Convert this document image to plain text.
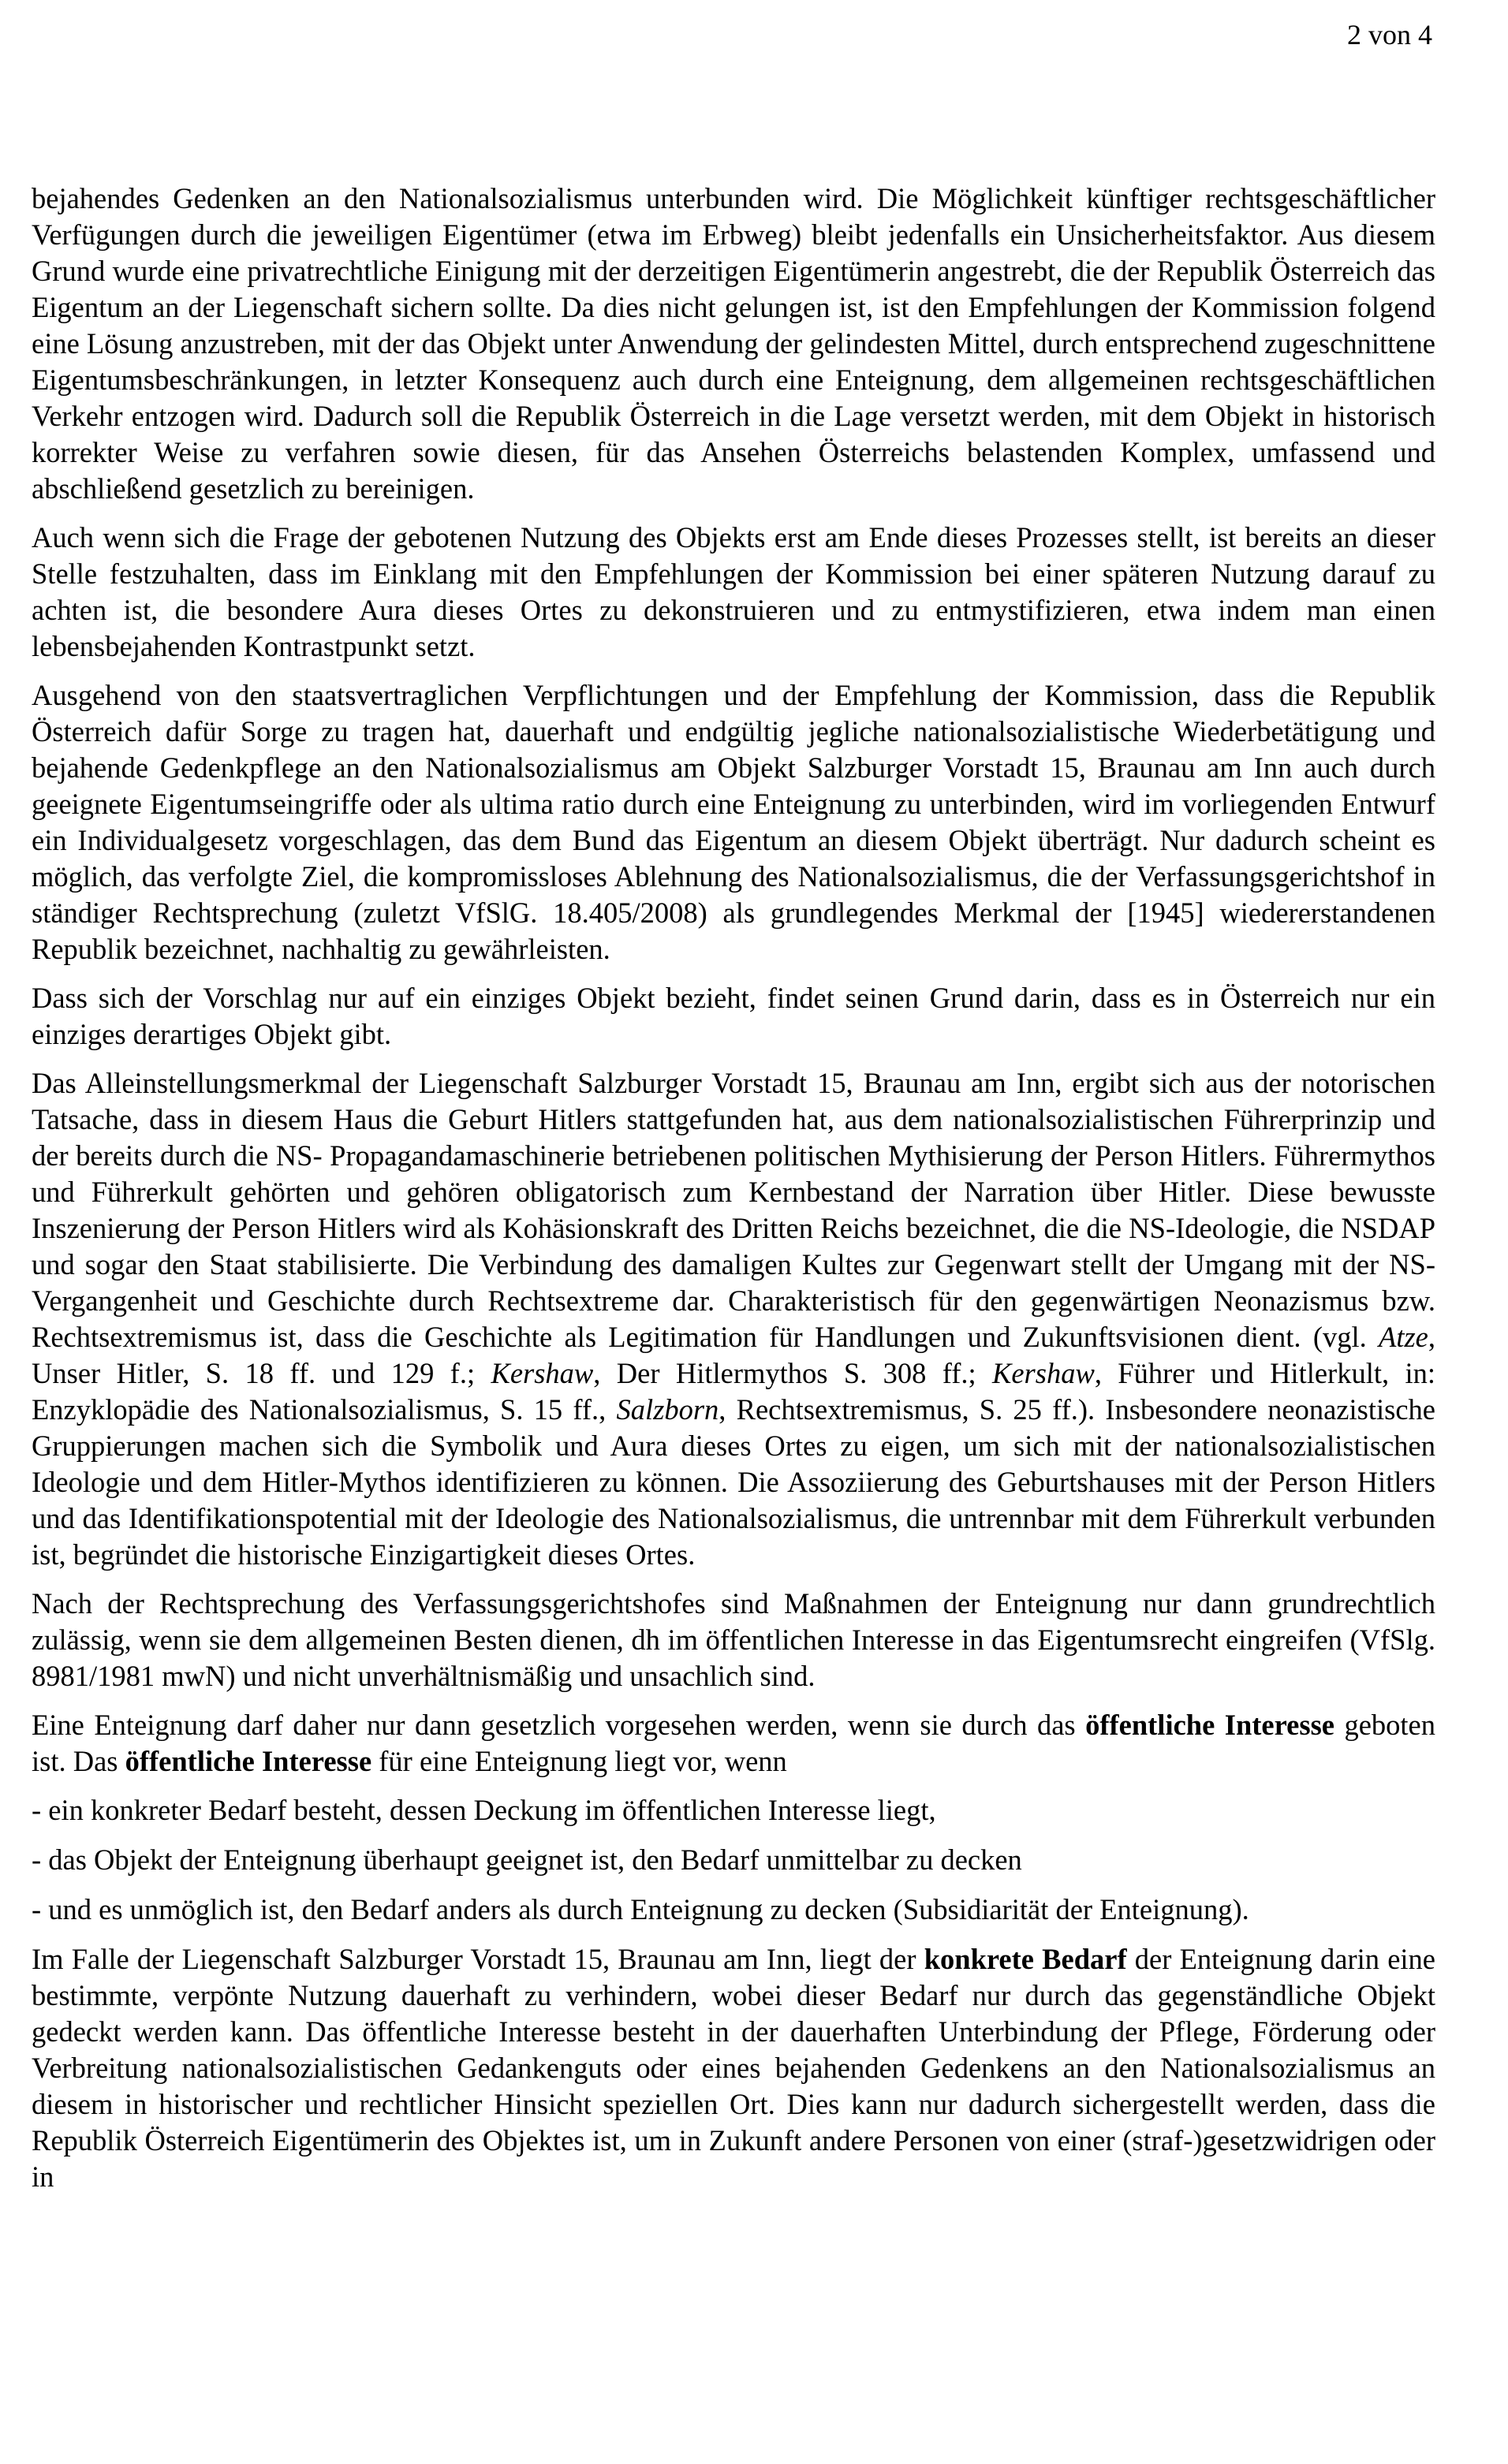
2 von 4

bejahendes Gedenken an den Nationalsozialismus unterbunden wird. Die Möglichkeit künftiger rechtsgeschäftlicher Verfügungen durch die jeweiligen Eigentümer (etwa im Erbweg) bleibt jedenfalls ein Unsicherheitsfaktor. Aus diesem Grund wurde eine privatrechtliche Einigung mit der derzeitigen Eigentümerin angestrebt, die der Republik Österreich das Eigentum an der Liegenschaft sichern sollte. Da dies nicht gelungen ist, ist den Empfehlungen der Kommission folgend eine Lösung anzustreben, mit der das Objekt unter Anwendung der gelindesten Mittel, durch entsprechend zugeschnittene Eigentumsbeschränkungen, in letzter Konsequenz auch durch eine Enteignung, dem allgemeinen rechtsgeschäftlichen Verkehr entzogen wird. Dadurch soll die Republik Österreich in die Lage versetzt werden, mit dem Objekt in historisch korrekter Weise zu verfahren sowie diesen, für das Ansehen Österreichs belastenden Komplex, umfassend und abschließend gesetzlich zu bereinigen.

Auch wenn sich die Frage der gebotenen Nutzung des Objekts erst am Ende dieses Prozesses stellt, ist bereits an dieser Stelle festzuhalten, dass im Einklang mit den Empfehlungen der Kommission bei einer späteren Nutzung darauf zu achten ist, die besondere Aura dieses Ortes zu dekonstruieren und zu entmystifizieren, etwa indem man einen lebensbejahenden Kontrastpunkt setzt.

Ausgehend von den staatsvertraglichen Verpflichtungen und der Empfehlung der Kommission, dass die Republik Österreich dafür Sorge zu tragen hat, dauerhaft und endgültig jegliche nationalsozialistische Wiederbetätigung und bejahende Gedenkpflege an den Nationalsozialismus am Objekt Salzburger Vorstadt 15, Braunau am Inn auch durch geeignete Eigentumseingriffe oder als ultima ratio durch eine Enteignung zu unterbinden, wird im vorliegenden Entwurf ein Individualgesetz vorgeschlagen, das dem Bund das Eigentum an diesem Objekt überträgt. Nur dadurch scheint es möglich, das verfolgte Ziel, die kompromissloses Ablehnung des Nationalsozialismus, die der Verfassungsgerichtshof in ständiger Rechtsprechung (zuletzt VfSlG. 18.405/2008) als grundlegendes Merkmal der [1945] wiedererstandenen Republik bezeichnet, nachhaltig zu gewährleisten.

Dass sich der Vorschlag nur auf ein einziges Objekt bezieht, findet seinen Grund darin, dass es in Österreich nur ein einziges derartiges Objekt gibt.

Das Alleinstellungsmerkmal der Liegenschaft Salzburger Vorstadt 15, Braunau am Inn, ergibt sich aus der notorischen Tatsache, dass in diesem Haus die Geburt Hitlers stattgefunden hat, aus dem nationalsozialistischen Führerprinzip und der bereits durch die NS- Propagandamaschinerie betriebenen politischen Mythisierung der Person Hitlers. Führermythos und Führerkult gehörten und gehören obligatorisch zum Kernbestand der Narration über Hitler. Diese bewusste Inszenierung der Person Hitlers wird als Kohäsionskraft des Dritten Reichs bezeichnet, die die NS-Ideologie, die NSDAP und sogar den Staat stabilisierte. Die Verbindung des damaligen Kultes zur Gegenwart stellt der Umgang mit der NS-Vergangenheit und Geschichte durch Rechtsextreme dar. Charakteristisch für den gegenwärtigen Neonazismus bzw. Rechtsextremismus ist, dass die Geschichte als Legitimation für Handlungen und Zukunftsvisionen dient. (vgl. Atze, Unser Hitler, S. 18 ff. und 129 f.; Kershaw, Der Hitlermythos S. 308 ff.; Kershaw, Führer und Hitlerkult, in: Enzyklopädie des Nationalsozialismus, S. 15 ff., Salzborn, Rechtsextremismus, S. 25 ff.). Insbesondere neonazistische Gruppierungen machen sich die Symbolik und Aura dieses Ortes zu eigen, um sich mit der nationalsozialistischen Ideologie und dem Hitler-Mythos identifizieren zu können. Die Assoziierung des Geburtshauses mit der Person Hitlers und das Identifikationspotential mit der Ideologie des Nationalsozialismus, die untrennbar mit dem Führerkult verbunden ist, begründet die historische Einzigartigkeit dieses Ortes.

Nach der Rechtsprechung des Verfassungsgerichtshofes sind Maßnahmen der Enteignung nur dann grundrechtlich zulässig, wenn sie dem allgemeinen Besten dienen, dh im öffentlichen Interesse in das Eigentumsrecht eingreifen (VfSlg. 8981/1981 mwN) und nicht unverhältnismäßig und unsachlich sind.

Eine Enteignung darf daher nur dann gesetzlich vorgesehen werden, wenn sie durch das öffentliche Interesse geboten ist. Das öffentliche Interesse für eine Enteignung liegt vor, wenn

- ein konkreter Bedarf besteht, dessen Deckung im öffentlichen Interesse liegt,

- das Objekt der Enteignung überhaupt geeignet ist, den Bedarf unmittelbar zu decken

- und es unmöglich ist, den Bedarf anders als durch Enteignung zu decken (Subsidiarität der Enteignung).

Im Falle der Liegenschaft Salzburger Vorstadt 15, Braunau am Inn, liegt der konkrete Bedarf der Enteignung darin eine bestimmte, verpönte Nutzung dauerhaft zu verhindern, wobei dieser Bedarf nur durch das gegenständliche Objekt gedeckt werden kann. Das öffentliche Interesse besteht in der dauerhaften Unterbindung der Pflege, Förderung oder Verbreitung nationalsozialistischen Gedankenguts oder eines bejahenden Gedenkens an den Nationalsozialismus an diesem in historischer und rechtlicher Hinsicht speziellen Ort. Dies kann nur dadurch sichergestellt werden, dass die Republik Österreich Eigentümerin des Objektes ist, um in Zukunft andere Personen von einer (straf-)gesetzwidrigen oder in
